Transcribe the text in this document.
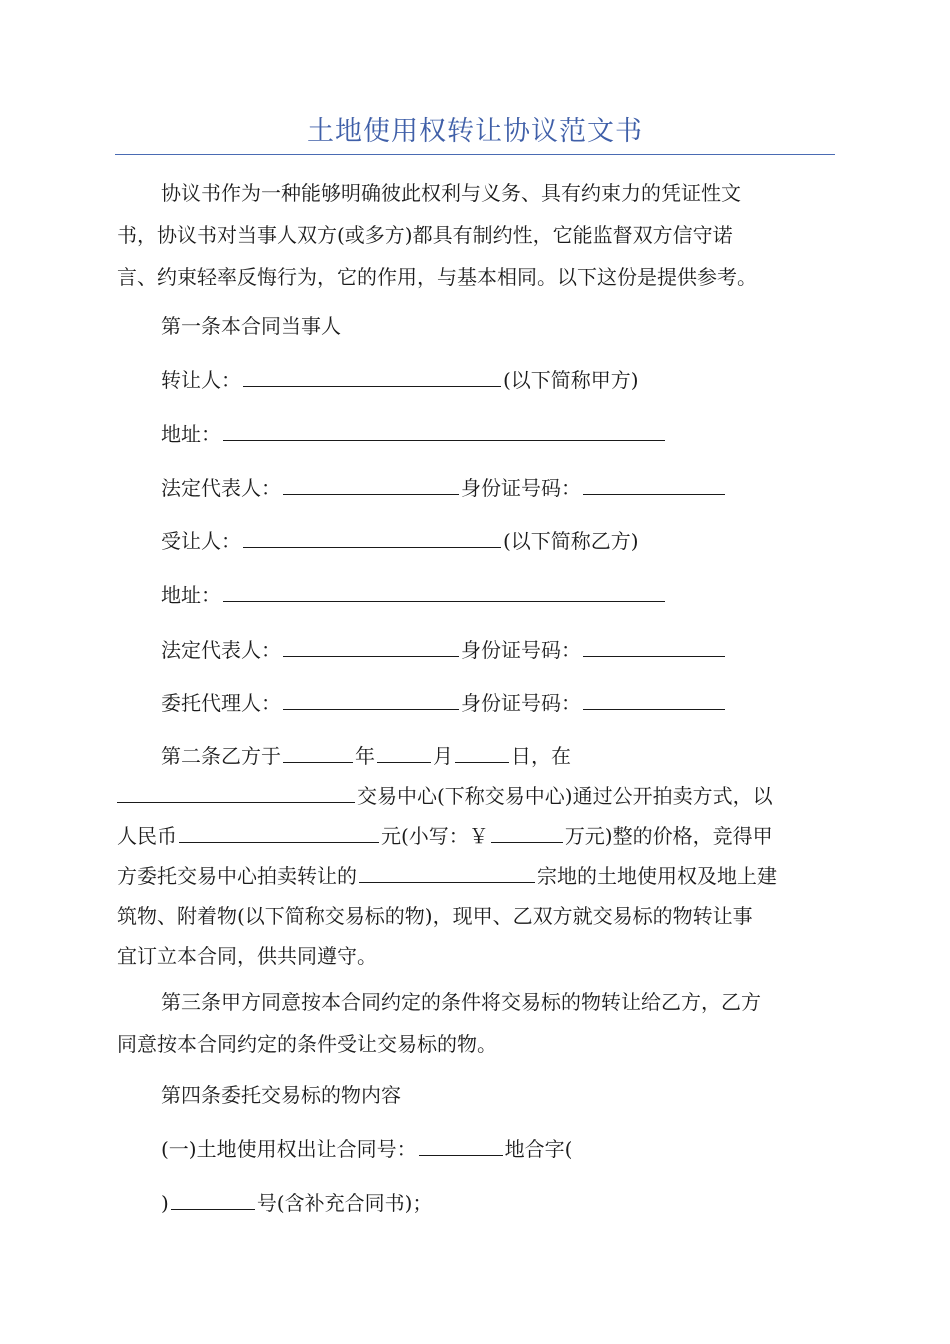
土地使用权转让协议范文书
协议书作为一种能够明确彼此权利与义务、具有约束力的凭证性文
书，协议书对当事人双方(或多方)都具有制约性，它能监督双方信守诺
言、约束轻率反悔行为，它的作用，与基本相同。以下这份是提供参考。
第一条本合同当事人
转让人：	(以下简称甲方)
地址：
法定代表人：	身份证号码：
受让人：	(以下简称乙方)
地址：
法定代表人：	身份证号码：
委托代理人：	身份证号码：
第二条乙方于	年	月	日，在
交易中心(下称交易中心)通过公开拍卖方式，以
人民币	元(小写：￥	万元)整的价格，竞得甲
方委托交易中心拍卖转让的	宗地的土地使用权及地上建
筑物、附着物(以下简称交易标的物)，现甲、乙双方就交易标的物转让事
宜订立本合同，供共同遵守。
第三条甲方同意按本合同约定的条件将交易标的物转让给乙方，乙方
同意按本合同约定的条件受让交易标的物。
第四条委托交易标的物内容
(一)土地使用权出让合同号：	地合字(
)	号(含补充合同书)；
